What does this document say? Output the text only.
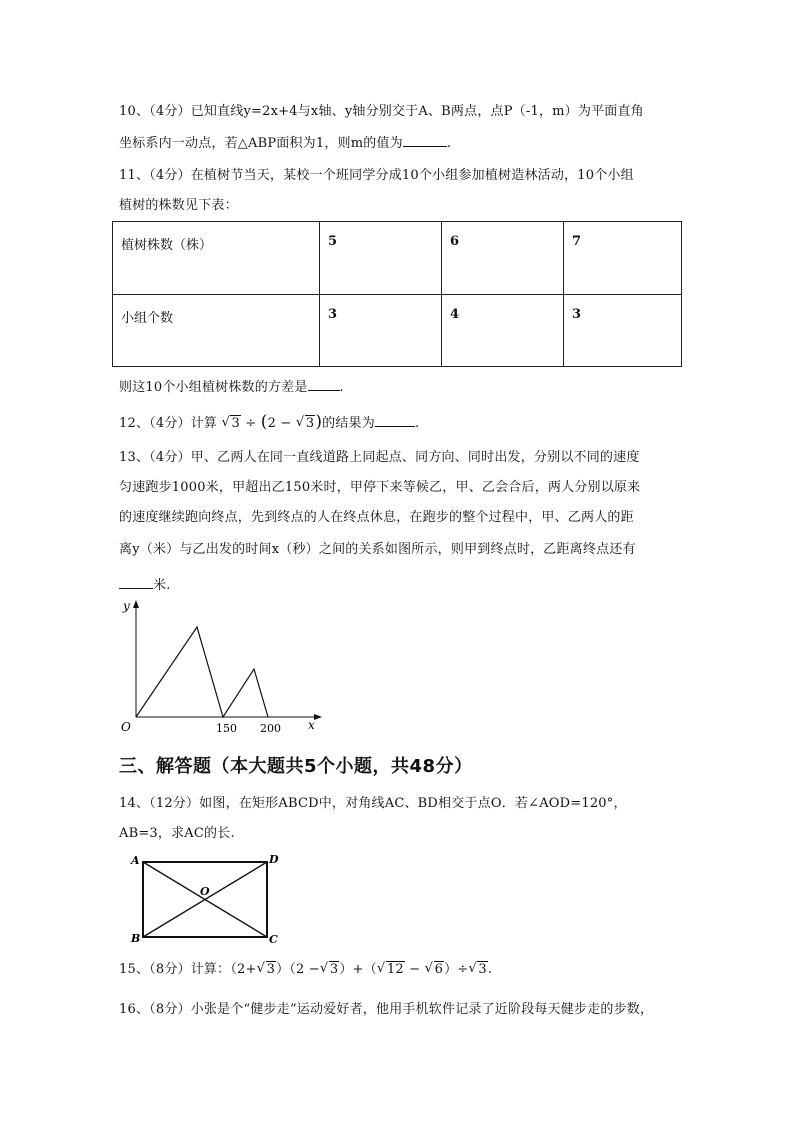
10、（4分）已知直线y=2x+4与x轴、y轴分别交于A、B两点，点P（-1，m）为平面直角
坐标系内一动点，若△ABP面积为1，则m的值为	.
11、（4分）在植树节当天，某校一个班同学分成10个小组参加植树造林活动，10个小组
植树的株数见下表：
植树株数（株）	5	6	7
小组个数	3	4	3
则这10个小组植树株数的方差是 .
12、（4分）计算 √ 3 ÷ (2 − √ 3)的结果为	.
13、（4分）甲、乙两人在同一直线道路上同起点、同方向、同时出发，分别以不同的速度
匀速跑步1000米，甲超出乙150米时，甲停下来等候乙，甲、乙会合后，两人分别以原来
的速度继续跑向终点，先到终点的人在终点休息，在跑步的整个过程中，甲、乙两人的距
离y（米）与乙出发的时间x（秒）之间的关系如图所示，则甲到终点时，乙距离终点还有
米.
y
x
O	150 200
三、解答题（本大题共5个小题，共48分）
14、（12分）如图，在矩形ABCD中，对角线AC、BD相交于点O．若∠AOD=120°，
AB=3，求AC的长.
A	D
B	C
O
15、（8分）计算：（2+ √ 3）（2 − √ 3）+（ √ 12 − √ 6）÷ √ 3.
16、（8分）小张是个“健步走”运动爱好者，他用手机软件记录了近阶段每天健步走的步数，
